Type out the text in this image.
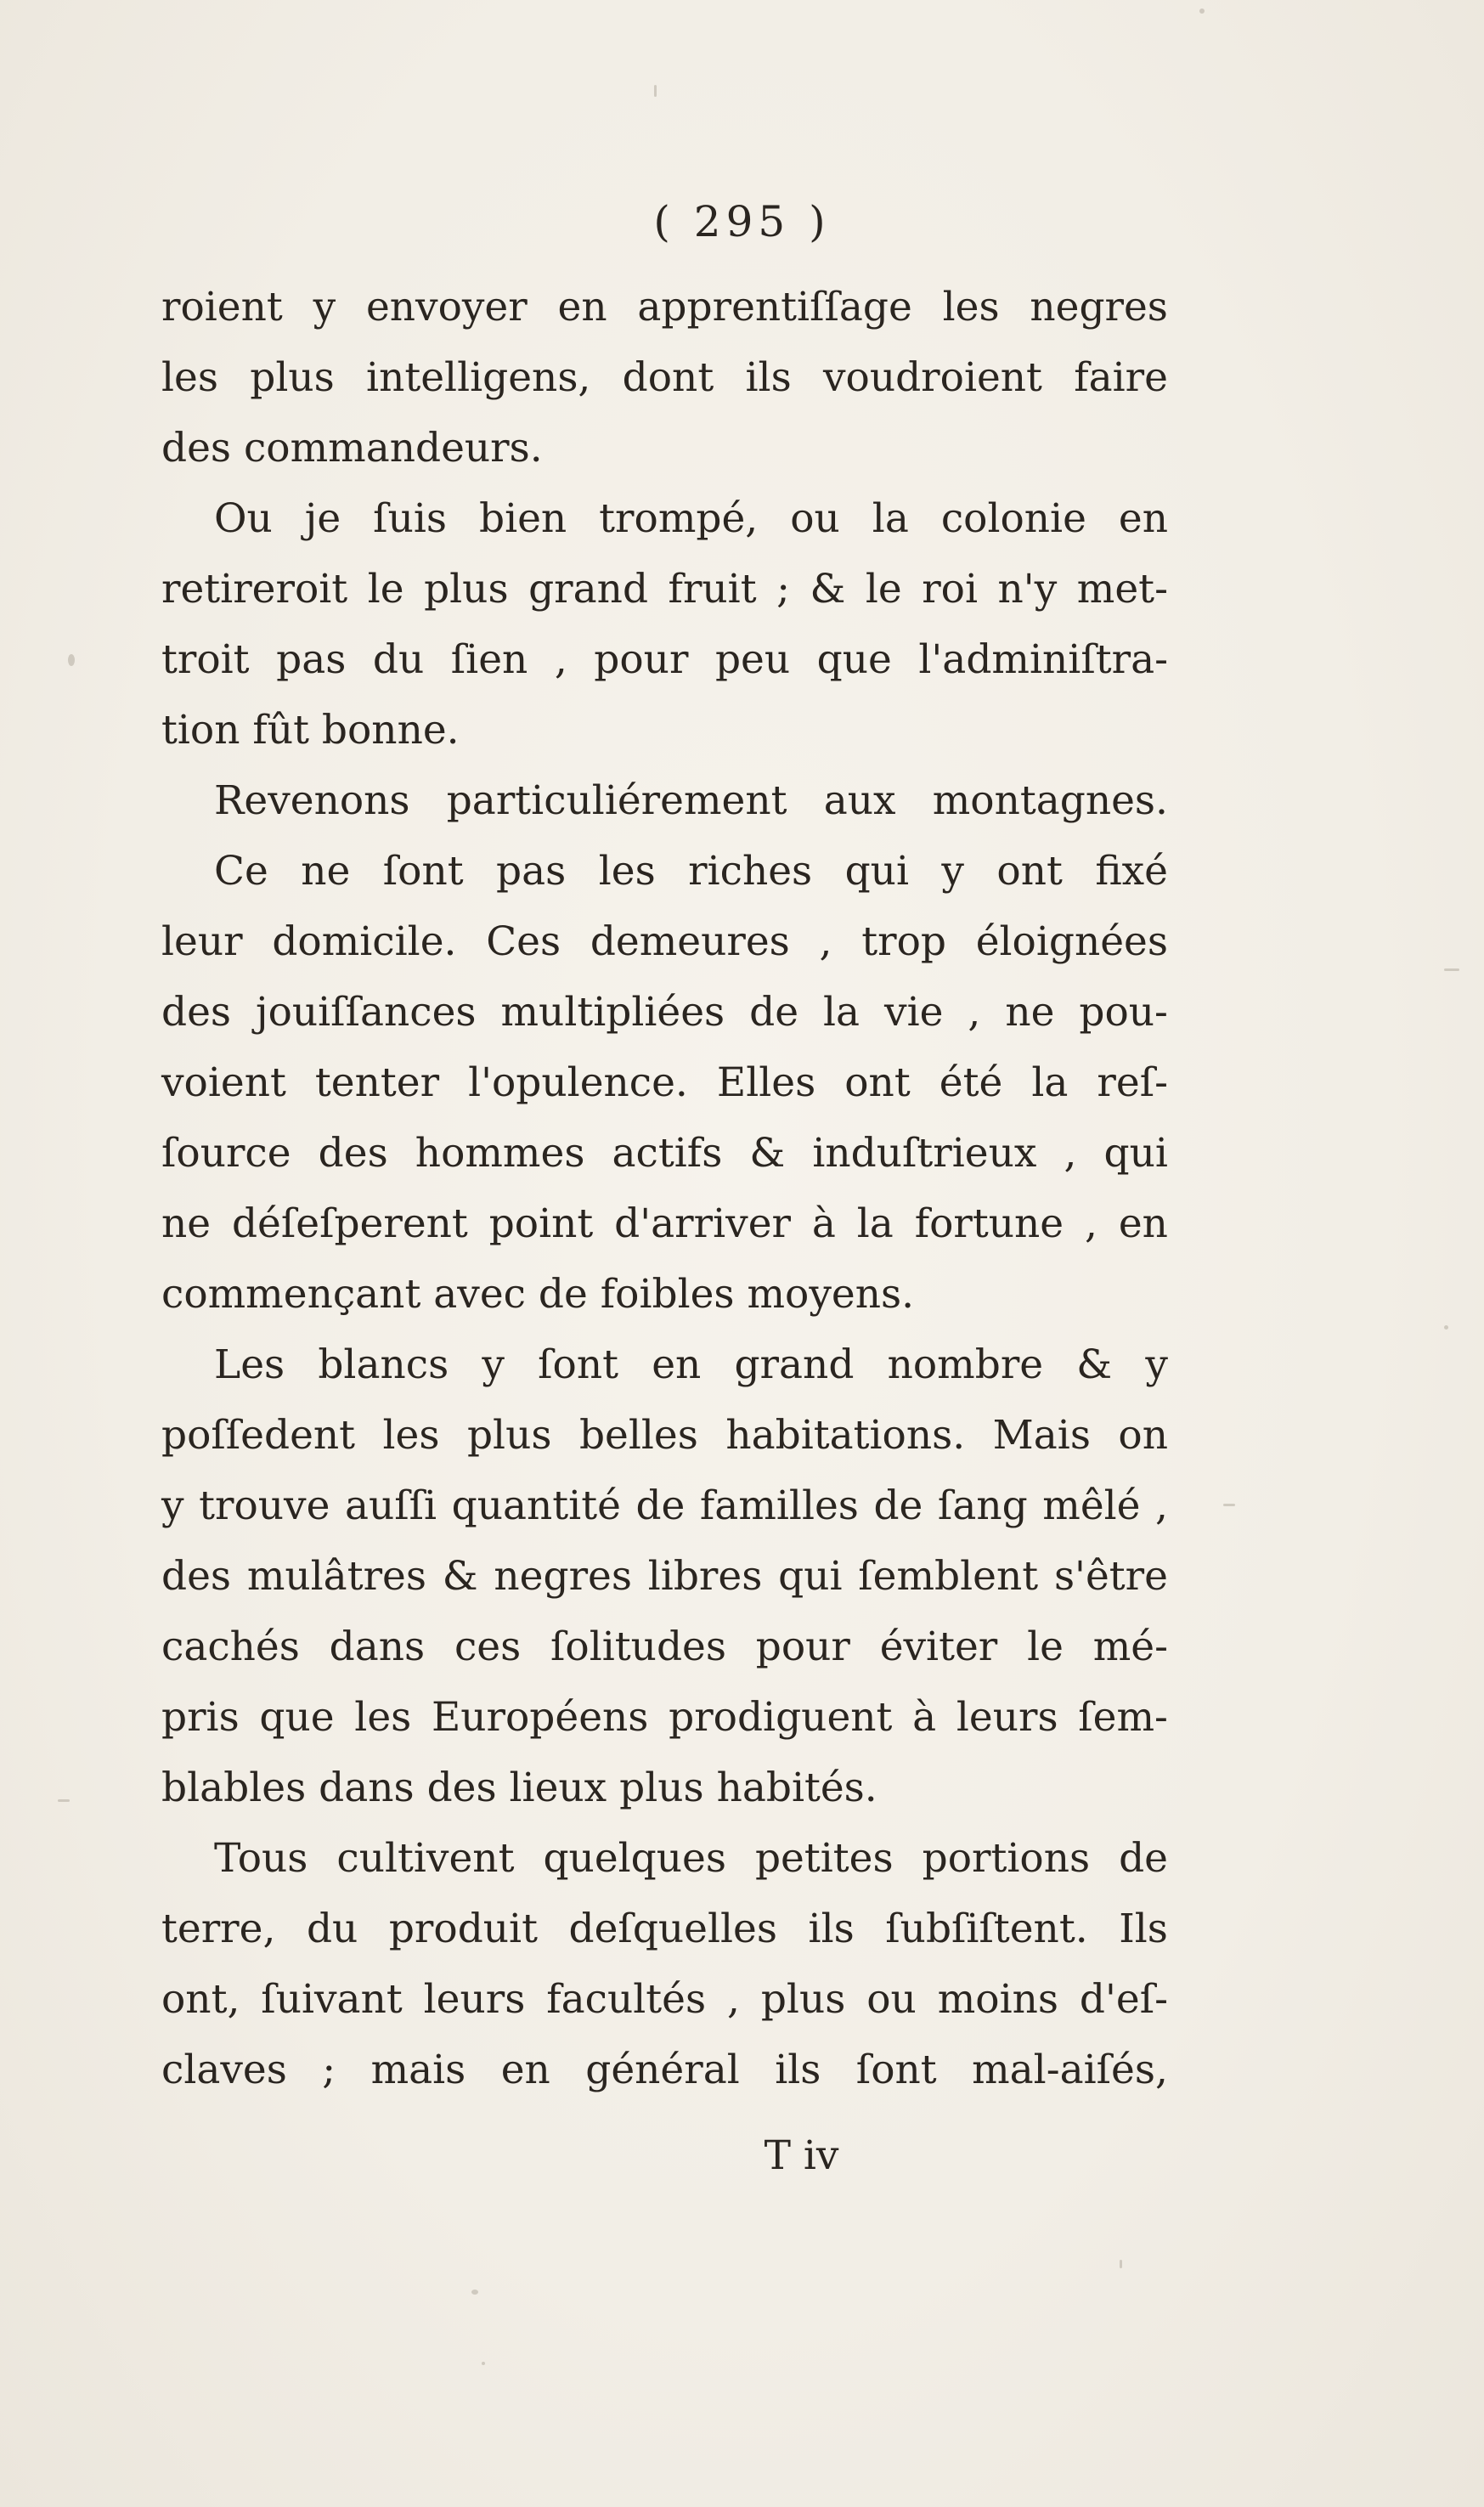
( 295 )
roient y envoyer en apprentiſſage les negres
les plus intelligens, dont ils voudroient faire
des commandeurs.
Ou je ſuis bien trompé, ou la colonie en
retireroit le plus grand fruit ; & le roi n'y met-
troit pas du ſien , pour peu que l'adminiſtra-
tion fût bonne.
Revenons particuliérement aux montagnes.
Ce ne ſont pas les riches qui y ont fixé
leur domicile. Ces demeures , trop éloignées
des jouiſſances multipliées de la vie , ne pou-
voient tenter l'opulence. Elles ont été la reſ-
ſource des hommes actifs & induſtrieux , qui
ne déſeſperent point d'arriver à la fortune , en
commençant avec de foibles moyens.
Les blancs y ſont en grand nombre & y
poſſedent les plus belles habitations. Mais on
y trouve auſſi quantité de familles de ſang mêlé ,
des mulâtres & negres libres qui ſemblent s'être
cachés dans ces ſolitudes pour éviter le mé-
pris que les Européens prodiguent à leurs ſem-
blables dans des lieux plus habités.
Tous cultivent quelques petites portions de
terre, du produit deſquelles ils ſubſiſtent. Ils
ont, ſuivant leurs facultés , plus ou moins d'eſ-
claves ; mais en général ils ſont mal-aiſés,
T iv
